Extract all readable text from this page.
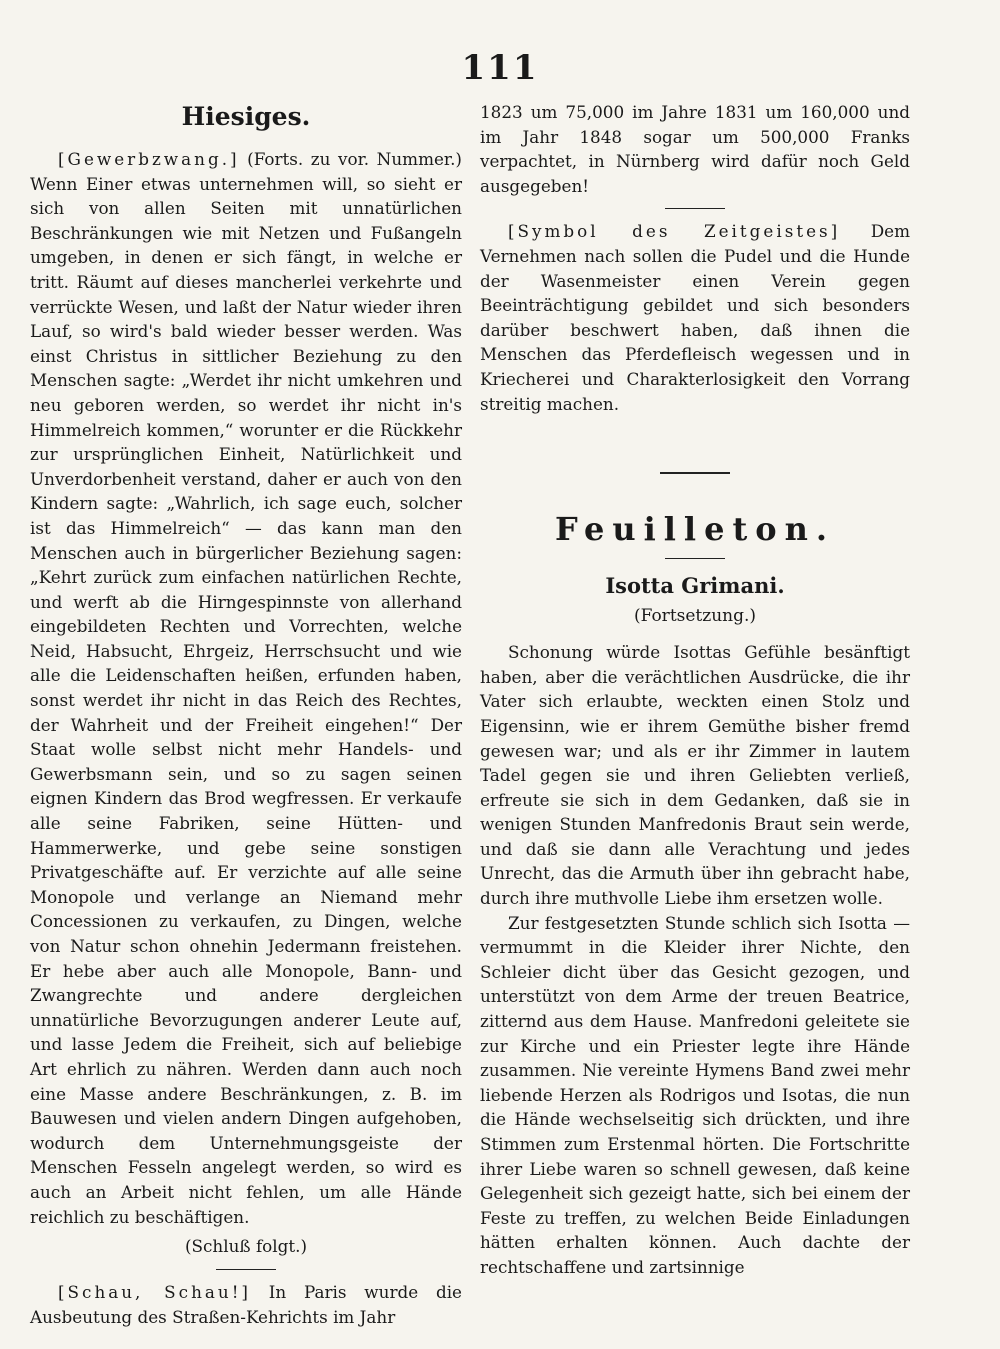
111
Hiesiges.

[Gewerbzwang.] (Forts. zu vor. Nummer.) Wenn Einer etwas unternehmen will, so sieht er sich von allen Seiten mit unnatürlichen Beschränkungen wie mit Netzen und Fußangeln umgeben, in denen er sich fängt, in welche er tritt. Räumt auf dieses mancherlei verkehrte und verrückte Wesen, und laßt der Natur wieder ihren Lauf, so wird's bald wieder besser werden. Was einst Christus in sittlicher Beziehung zu den Menschen sagte: „Werdet ihr nicht umkehren und neu geboren werden, so werdet ihr nicht in's Himmelreich kommen,“ worunter er die Rückkehr zur ursprünglichen Einheit, Natürlichkeit und Unverdorbenheit verstand, daher er auch von den Kindern sagte: „Wahrlich, ich sage euch, solcher ist das Himmelreich“ — das kann man den Menschen auch in bürgerlicher Beziehung sagen: „Kehrt zurück zum einfachen natürlichen Rechte, und werft ab die Hirngespinnste von allerhand eingebildeten Rechten und Vorrechten, welche Neid, Habsucht, Ehrgeiz, Herrschsucht und wie alle die Leidenschaften heißen, erfunden haben, sonst werdet ihr nicht in das Reich des Rechtes, der Wahrheit und der Freiheit eingehen!“ Der Staat wolle selbst nicht mehr Handels- und Gewerbsmann sein, und so zu sagen seinen eignen Kindern das Brod wegfressen. Er verkaufe alle seine Fabriken, seine Hütten- und Hammerwerke, und gebe seine sonstigen Privatgeschäfte auf. Er verzichte auf alle seine Monopole und verlange an Niemand mehr Concessionen zu verkaufen, zu Dingen, welche von Natur schon ohnehin Jedermann freistehen. Er hebe aber auch alle Monopole, Bann- und Zwangrechte und andere dergleichen unnatürliche Bevorzugungen anderer Leute auf, und lasse Jedem die Freiheit, sich auf beliebige Art ehrlich zu nähren. Werden dann auch noch eine Masse andere Beschränkungen, z. B. im Bauwesen und vielen andern Dingen aufgehoben, wodurch dem Unternehmungsgeiste der Menschen Fesseln angelegt werden, so wird es auch an Arbeit nicht fehlen, um alle Hände reichlich zu beschäftigen.

(Schluß folgt.)

[Schau, Schau!] In Paris wurde die Ausbeutung des Straßen-Kehrichts im Jahr

1823 um 75,000 im Jahre 1831 um 160,000 und im Jahr 1848 sogar um 500,000 Franks verpachtet, in Nürnberg wird dafür noch Geld ausgegeben!

[Symbol des Zeitgeistes] Dem Vernehmen nach sollen die Pudel und die Hunde der Wasenmeister einen Verein gegen Beeinträchtigung gebildet und sich besonders darüber beschwert haben, daß ihnen die Menschen das Pferdefleisch wegessen und in Kriecherei und Charakterlosigkeit den Vorrang streitig machen.

Feuilleton.
Isotta Grimani.
(Fortsetzung.)

Schonung würde Isottas Gefühle besänftigt haben, aber die verächtlichen Ausdrücke, die ihr Vater sich erlaubte, weckten einen Stolz und Eigensinn, wie er ihrem Gemüthe bisher fremd gewesen war; und als er ihr Zimmer in lautem Tadel gegen sie und ihren Geliebten verließ, erfreute sie sich in dem Gedanken, daß sie in wenigen Stunden Manfredonis Braut sein werde, und daß sie dann alle Verachtung und jedes Unrecht, das die Armuth über ihn gebracht habe, durch ihre muthvolle Liebe ihm ersetzen wolle.

Zur festgesetzten Stunde schlich sich Isotta — vermummt in die Kleider ihrer Nichte, den Schleier dicht über das Gesicht gezogen, und unterstützt von dem Arme der treuen Beatrice, zitternd aus dem Hause. Manfredoni geleitete sie zur Kirche und ein Priester legte ihre Hände zusammen. Nie vereinte Hymens Band zwei mehr liebende Herzen als Rodrigos und Isotas, die nun die Hände wechselseitig sich drückten, und ihre Stimmen zum Erstenmal hörten. Die Fortschritte ihrer Liebe waren so schnell gewesen, daß keine Gelegenheit sich gezeigt hatte, sich bei einem der Feste zu treffen, zu welchen Beide Einladungen hätten erhalten können. Auch dachte der rechtschaffene und zartsinnige
